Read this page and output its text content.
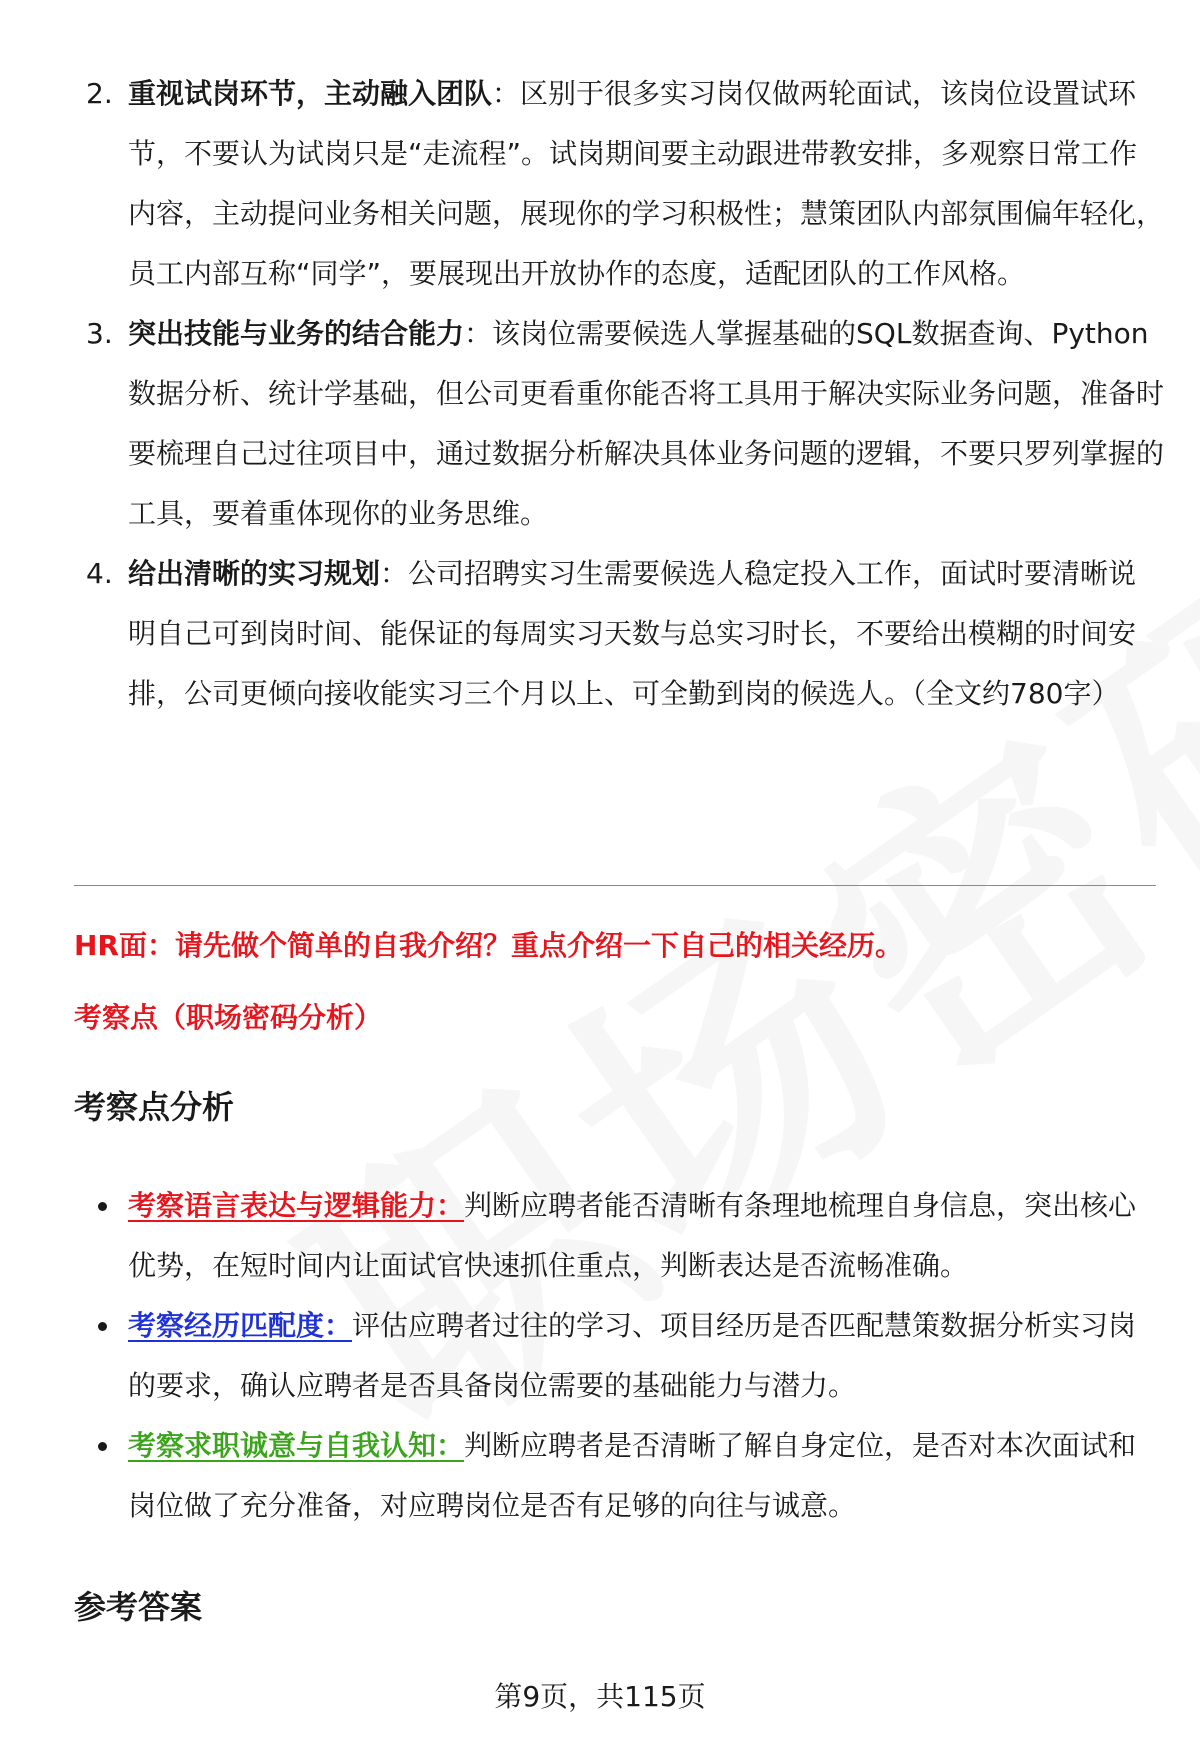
2. 重视试岗环节，主动融入团队：区别于很多实习岗仅做两轮面试，该岗位设置试环节，不要认为试岗只是“走流程”。试岗期间要主动跟进带教安排，多观察日常工作内容，主动提问业务相关问题，展现你的学习积极性；慧策团队内部氛围偏年轻化，员工内部互称“同学”，要展现出开放协作的态度，适配团队的工作风格。
3. 突出技能与业务的结合能力：该岗位需要候选人掌握基础的SQL数据查询、Python数据分析、统计学基础，但公司更看重你能否将工具用于解决实际业务问题，准备时要梳理自己过往项目中，通过数据分析解决具体业务问题的逻辑，不要只罗列掌握的工具，要着重体现你的业务思维。
4. 给出清晰的实习规划：公司招聘实习生需要候选人稳定投入工作，面试时要清晰说明自己可到岗时间、能保证的每周实习天数与总实习时长，不要给出模糊的时间安排，公司更倾向接收能实习三个月以上、可全勤到岗的候选人。（全文约780字）
HR面：请先做个简单的自我介绍？重点介绍一下自己的相关经历。
考察点（职场密码分析）
考察点分析
考察语言表达与逻辑能力：判断应聘者能否清晰有条理地梳理自身信息，突出核心优势，在短时间内让面试官快速抓住重点，判断表达是否流畅准确。
考察经历匹配度：评估应聘者过往的学习、项目经历是否匹配慧策数据分析实习岗的要求，确认应聘者是否具备岗位需要的基础能力与潜力。
考察求职诚意与自我认知：判断应聘者是否清晰了解自身定位，是否对本次面试和岗位做了充分准备，对应聘岗位是否有足够的向往与诚意。
参考答案
第9页，共115页
